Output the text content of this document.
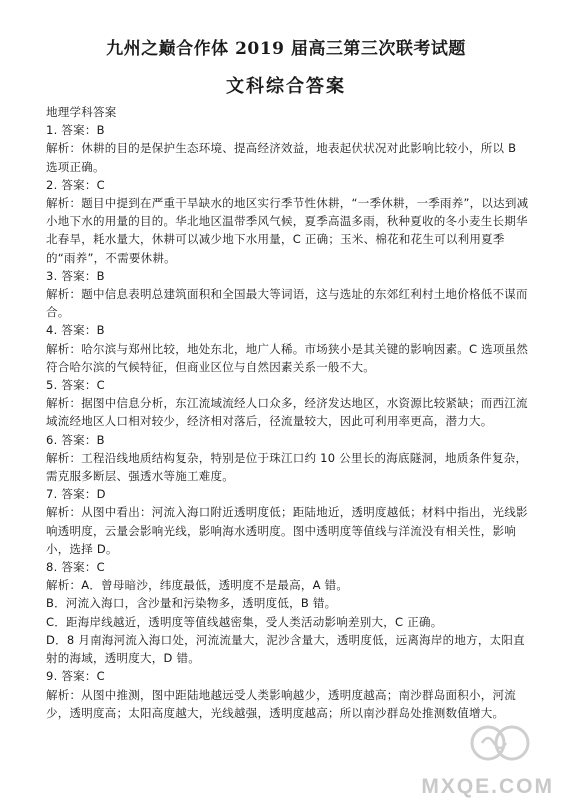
九州之巅合作体 2019 届高三第三次联考试题
文科综合答案

地理学科答案

1. 答案：B

解析：休耕的目的是保护生态环境、提高经济效益，地表起伏状况对此影响比较小，所以 B 选项正确。

2. 答案：C

解析：题目中提到在严重干旱缺水的地区实行季节性休耕，“一季休耕，一季雨养”，以达到减小地下水的用量的目的。华北地区温带季风气候，夏季高温多雨，秋种夏收的冬小麦生长期华北春旱，耗水量大，休耕可以减少地下水用量，C 正确；玉米、棉花和花生可以利用夏季的“雨养”，不需要休耕。

3. 答案：B

解析：题中信息表明总建筑面积和全国最大等词语，这与选址的东郊红利村土地价格低不谋而合。

4. 答案：B

解析：哈尔滨与郑州比较，地处东北，地广人稀。市场狭小是其关键的影响因素。C 选项虽然符合哈尔滨的气候特征，但商业区位与自然因素关系一般不大。

5. 答案：C

解析：据图中信息分析，东江流域流经人口众多，经济发达地区，水资源比较紧缺；而西江流域流经地区人口相对较少，经济相对落后，径流量较大，因此可利用率更高，潜力大。

6. 答案：B

解析：工程沿线地质结构复杂，特别是位于珠江口约 10 公里长的海底隧洞，地质条件复杂，需克服多断层、强透水等施工难度。

7. 答案：D

解析：从图中看出：河流入海口附近透明度低；距陆地近，透明度越低；材料中指出，光线影响透明度，云量会影响光线，影响海水透明度。图中透明度等值线与洋流没有相关性，影响小，选择 D。

8. 答案：C

解析：A．曾母暗沙，纬度最低，透明度不是最高，A 错。
B．河流入海口，含沙量和污染物多，透明度低，B 错。
C．距海岸线越近，透明度等值线越密集，受人类活动影响差别大，C 正确。
D．8 月南海河流入海口处，河流流量大，泥沙含量大，透明度低，远离海岸的地方，太阳直射的海域，透明度大，D 错。

9. 答案：C

解析：从图中推测，图中距陆地越远受人类影响越少，透明度越高；南沙群岛面积小，河流少，透明度高；太阳高度越大，光线越强，透明度越高；所以南沙群岛处推测数值增大。

MXQE.COM
